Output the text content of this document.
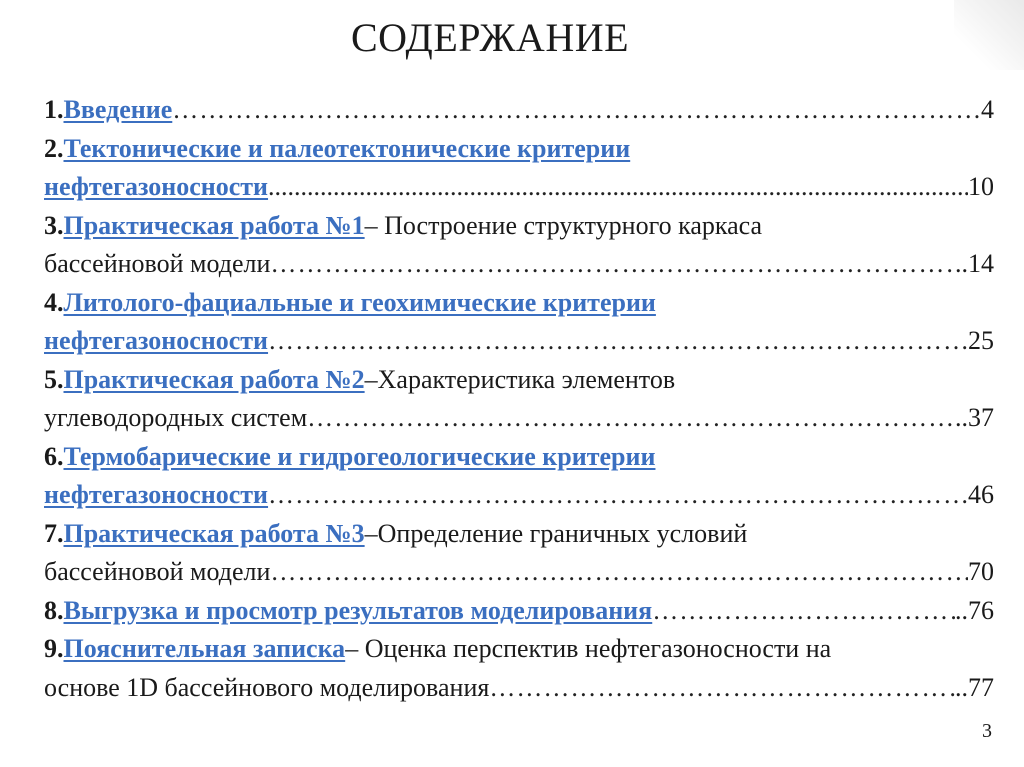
СОДЕРЖАНИЕ
1. Введение ………………………………………………………………………………………………………………………………………	4
2. Тектонические и палеотектонические критерии
нефтегазоносности .....	10
3. Практическая работа №1 – Построение структурного каркаса
бассейновой модели ………………………………………………………………………………………………………………………………………	..14
4. Литолого-фациальные и геохимические критерии
нефтегазоносности ………………………………………………………………………………………………………………………………………	25
5. Практическая работа №2 –Характеристика элементов
углеводородных систем ………………………………………………………………………………………………………………………………………	..37
6. Термобарические и гидрогеологические критерии
нефтегазоносности ………………………………………………………………………………………………………………………………………	46
7. Практическая работа №3 –Определение граничных условий
бассейновой модели ………………………………………………………………………………………………………………………………………	70
8. Выгрузка и просмотр результатов моделирования ………………………………………………………………………………………………………………………………………	..76
9. Пояснительная записка – Оценка перспектив нефтегазоносности на
основе 1D бассейнового моделирования ………………………………………………………………………………………………………………………………………	..77
3
